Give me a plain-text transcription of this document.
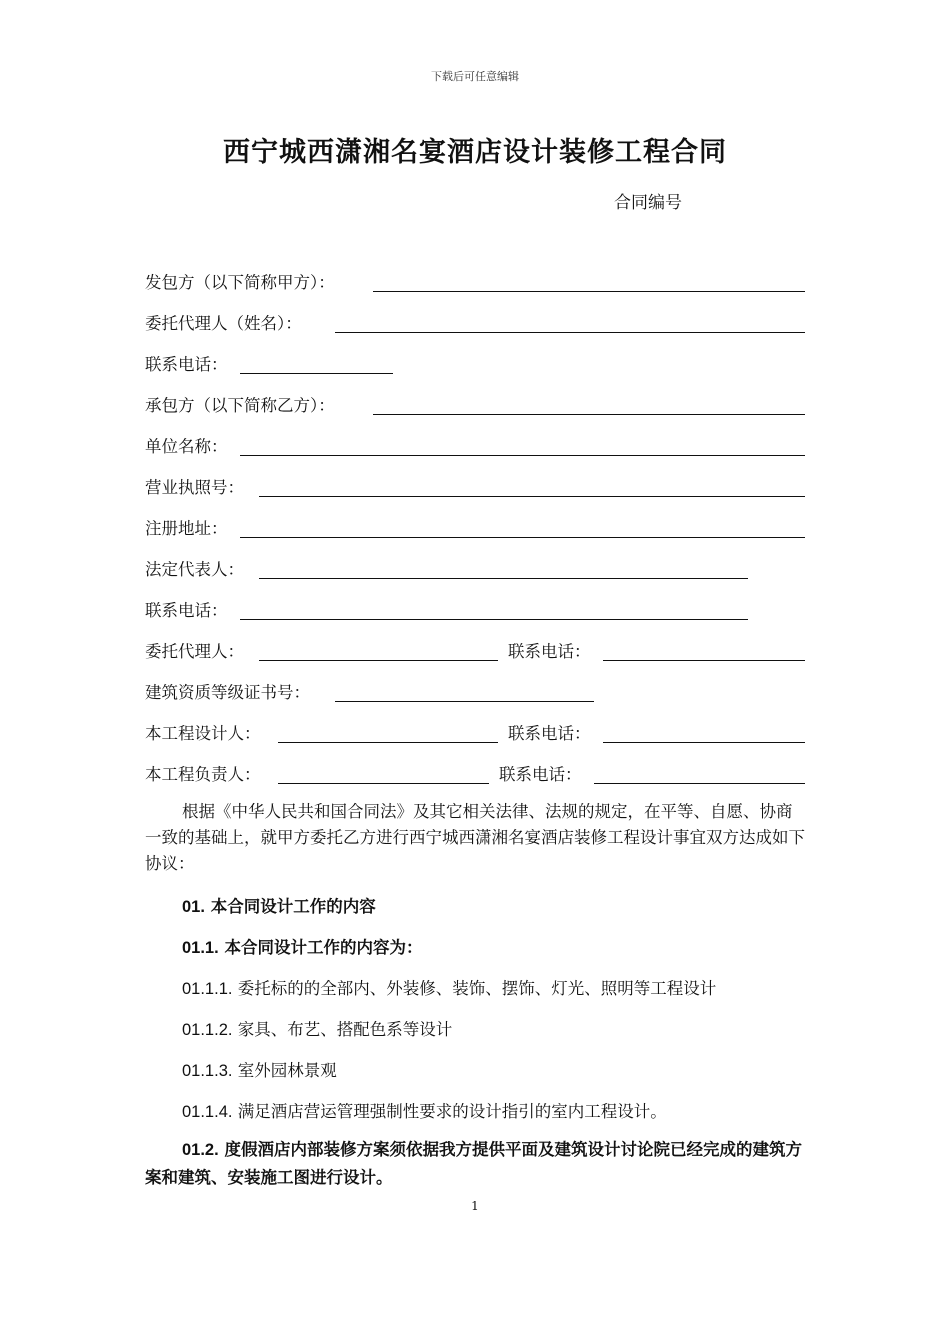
下载后可任意编辑
西宁城西潇湘名宴酒店设计装修工程合同
合同编号
发包方（以下简称甲方）：
委托代理人（姓名）：
联系电话：
承包方（以下简称乙方）：
单位名称：
营业执照号：
注册地址：
法定代表人：
联系电话：
委托代理人：	联系电话：
建筑资质等级证书号：
本工程设计人：	联系电话：
本工程负责人：	联系电话：
根据《中华人民共和国合同法》及其它相关法律、法规的规定，在平等、自愿、协商一致的基础上，就甲方委托乙方进行西宁城西潇湘名宴酒店装修工程设计事宜双方达成如下协议：
01. 本合同设计工作的内容
01.1. 本合同设计工作的内容为：
01.1.1. 委托标的的全部内、外装修、装饰、摆饰、灯光、照明等工程设计
01.1.2. 家具、布艺、搭配色系等设计
01.1.3. 室外园林景观
01.1.4. 满足酒店营运管理强制性要求的设计指引的室内工程设计。
01.2. 度假酒店内部装修方案须依据我方提供平面及建筑设计讨论院已经完成的建筑方案和建筑、安装施工图进行设计。
1
